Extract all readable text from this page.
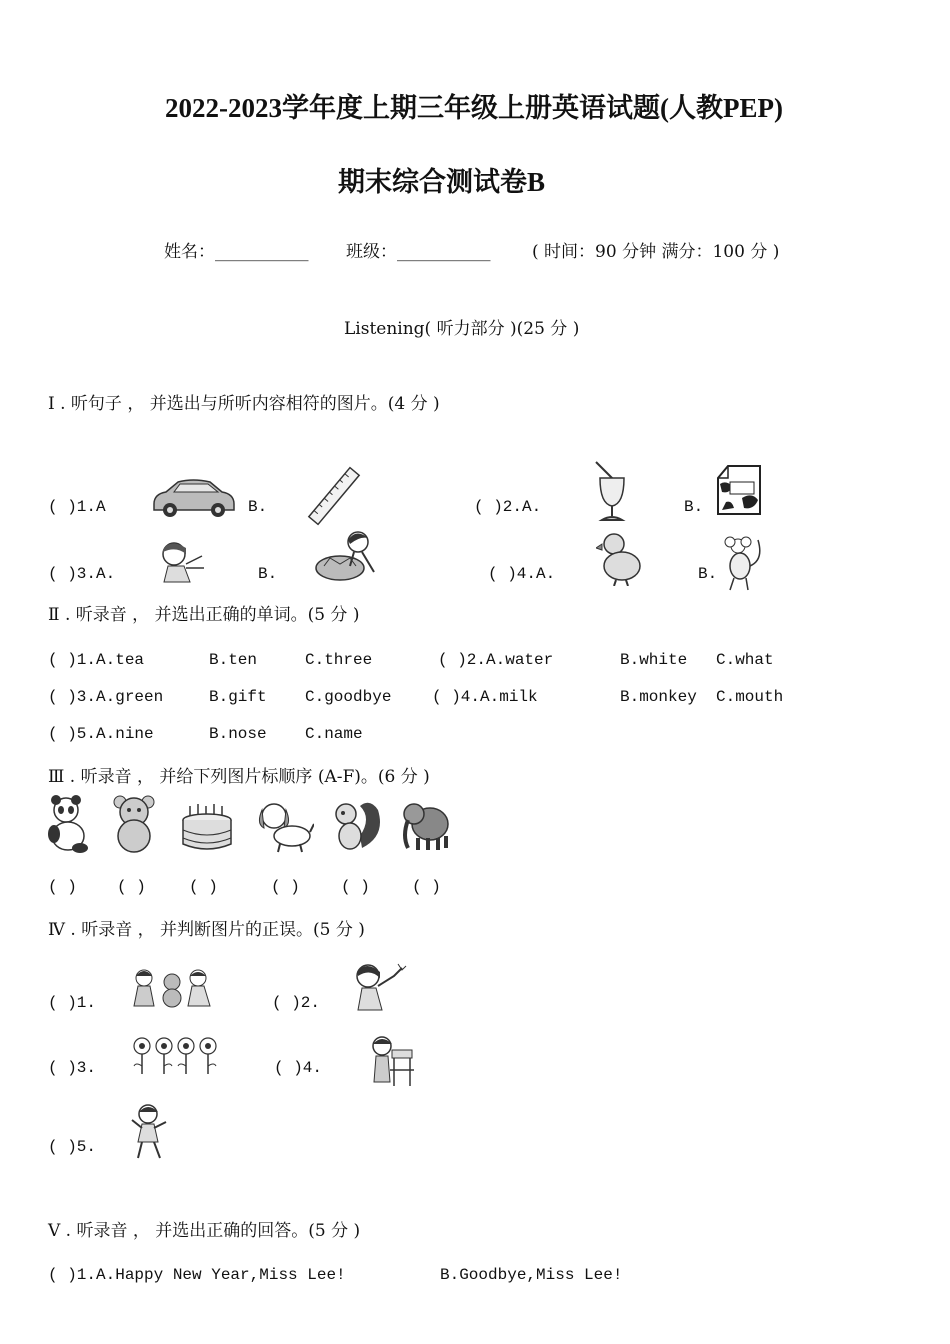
2022-2023学年度上期三年级上册英语试题(人教PEP)
期末综合测试卷B
姓名：___________ 班级：___________ ( 时间：90 分钟 满分：100 分 )
Listening( 听力部分 )(25 分 )
Ⅰ . 听句子 ， 并选出与所听内容相符的图片。(4 分 )
( )1.A	B.	( )2.A.	B.
( )3.A.	B.	( )4.A.	B.
Ⅱ . 听录音 ， 并选出正确的单词。(5 分 )
( )1.A.tea	B.ten	C.three	( )2.A.water	B.white C.what
( )3.A.green	B.gift C.goodbye	( )4.A.milk	B.monkey C.mouth
( )5.A.nine	B.nose C.name
Ⅲ . 听录音 ， 并给下列图片标顺序 (A-F)。(6 分 )
( )	( )	( )	( )	( )	( )
Ⅳ . 听录音 ， 并判断图片的正误。(5 分 )
( )1.	( )2.
( )3.	( )4.
( )5.
Ⅴ . 听录音 ， 并选出正确的回答。(5 分 )
( )1.A.Happy New Year,Miss Lee!	B.Goodbye,Miss Lee!
